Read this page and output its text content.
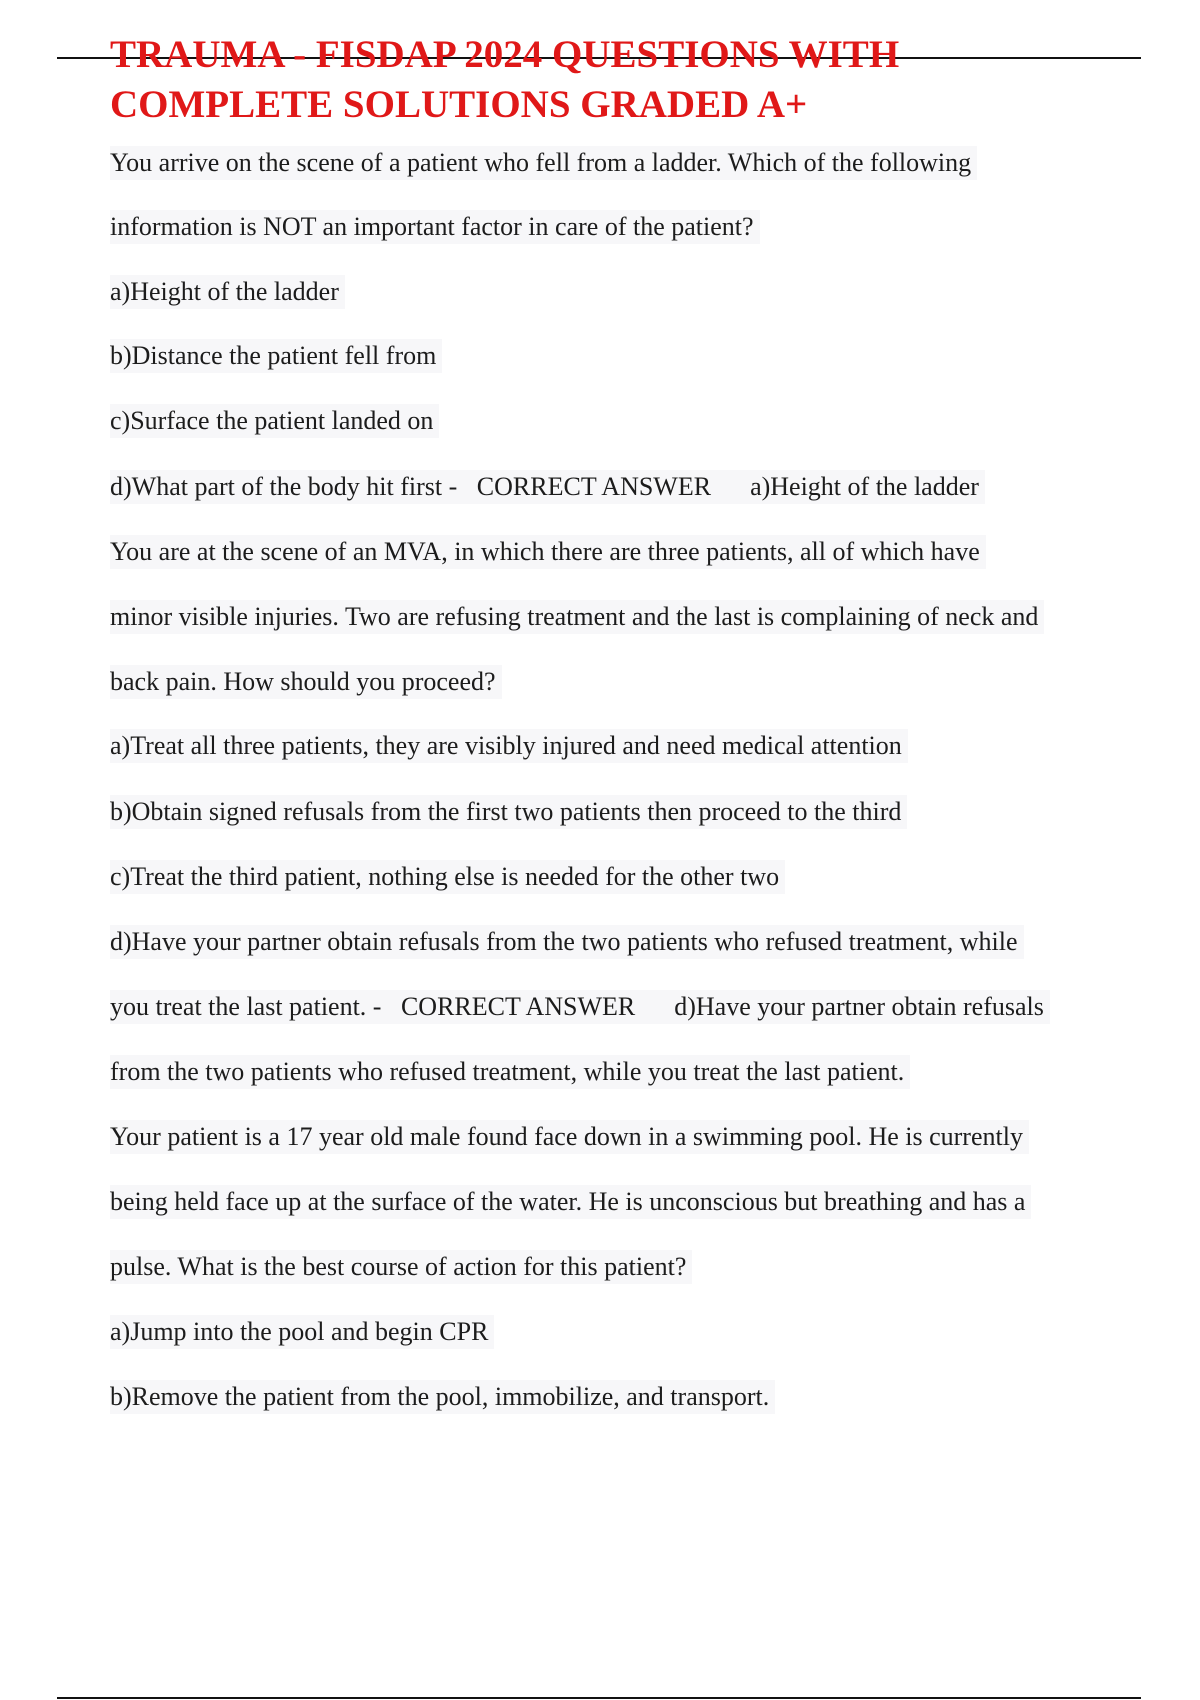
TRAUMA - FISDAP 2024 QUESTIONS WITH
COMPLETE SOLUTIONS GRADED A+
You arrive on the scene of a patient who fell from a ladder. Which of the following
information is NOT an important factor in care of the patient?
a)Height of the ladder
b)Distance the patient fell from
c)Surface the patient landed on
d)What part of the body hit first -   CORRECT ANSWER      a)Height of the ladder
You are at the scene of an MVA, in which there are three patients, all of which have
minor visible injuries. Two are refusing treatment and the last is complaining of neck and
back pain. How should you proceed?
a)Treat all three patients, they are visibly injured and need medical attention
b)Obtain signed refusals from the first two patients then proceed to the third
c)Treat the third patient, nothing else is needed for the other two
d)Have your partner obtain refusals from the two patients who refused treatment, while
you treat the last patient. -   CORRECT ANSWER      d)Have your partner obtain refusals
from the two patients who refused treatment, while you treat the last patient.
Your patient is a 17 year old male found face down in a swimming pool. He is currently
being held face up at the surface of the water. He is unconscious but breathing and has a
pulse. What is the best course of action for this patient?
a)Jump into the pool and begin CPR
b)Remove the patient from the pool, immobilize, and transport.
